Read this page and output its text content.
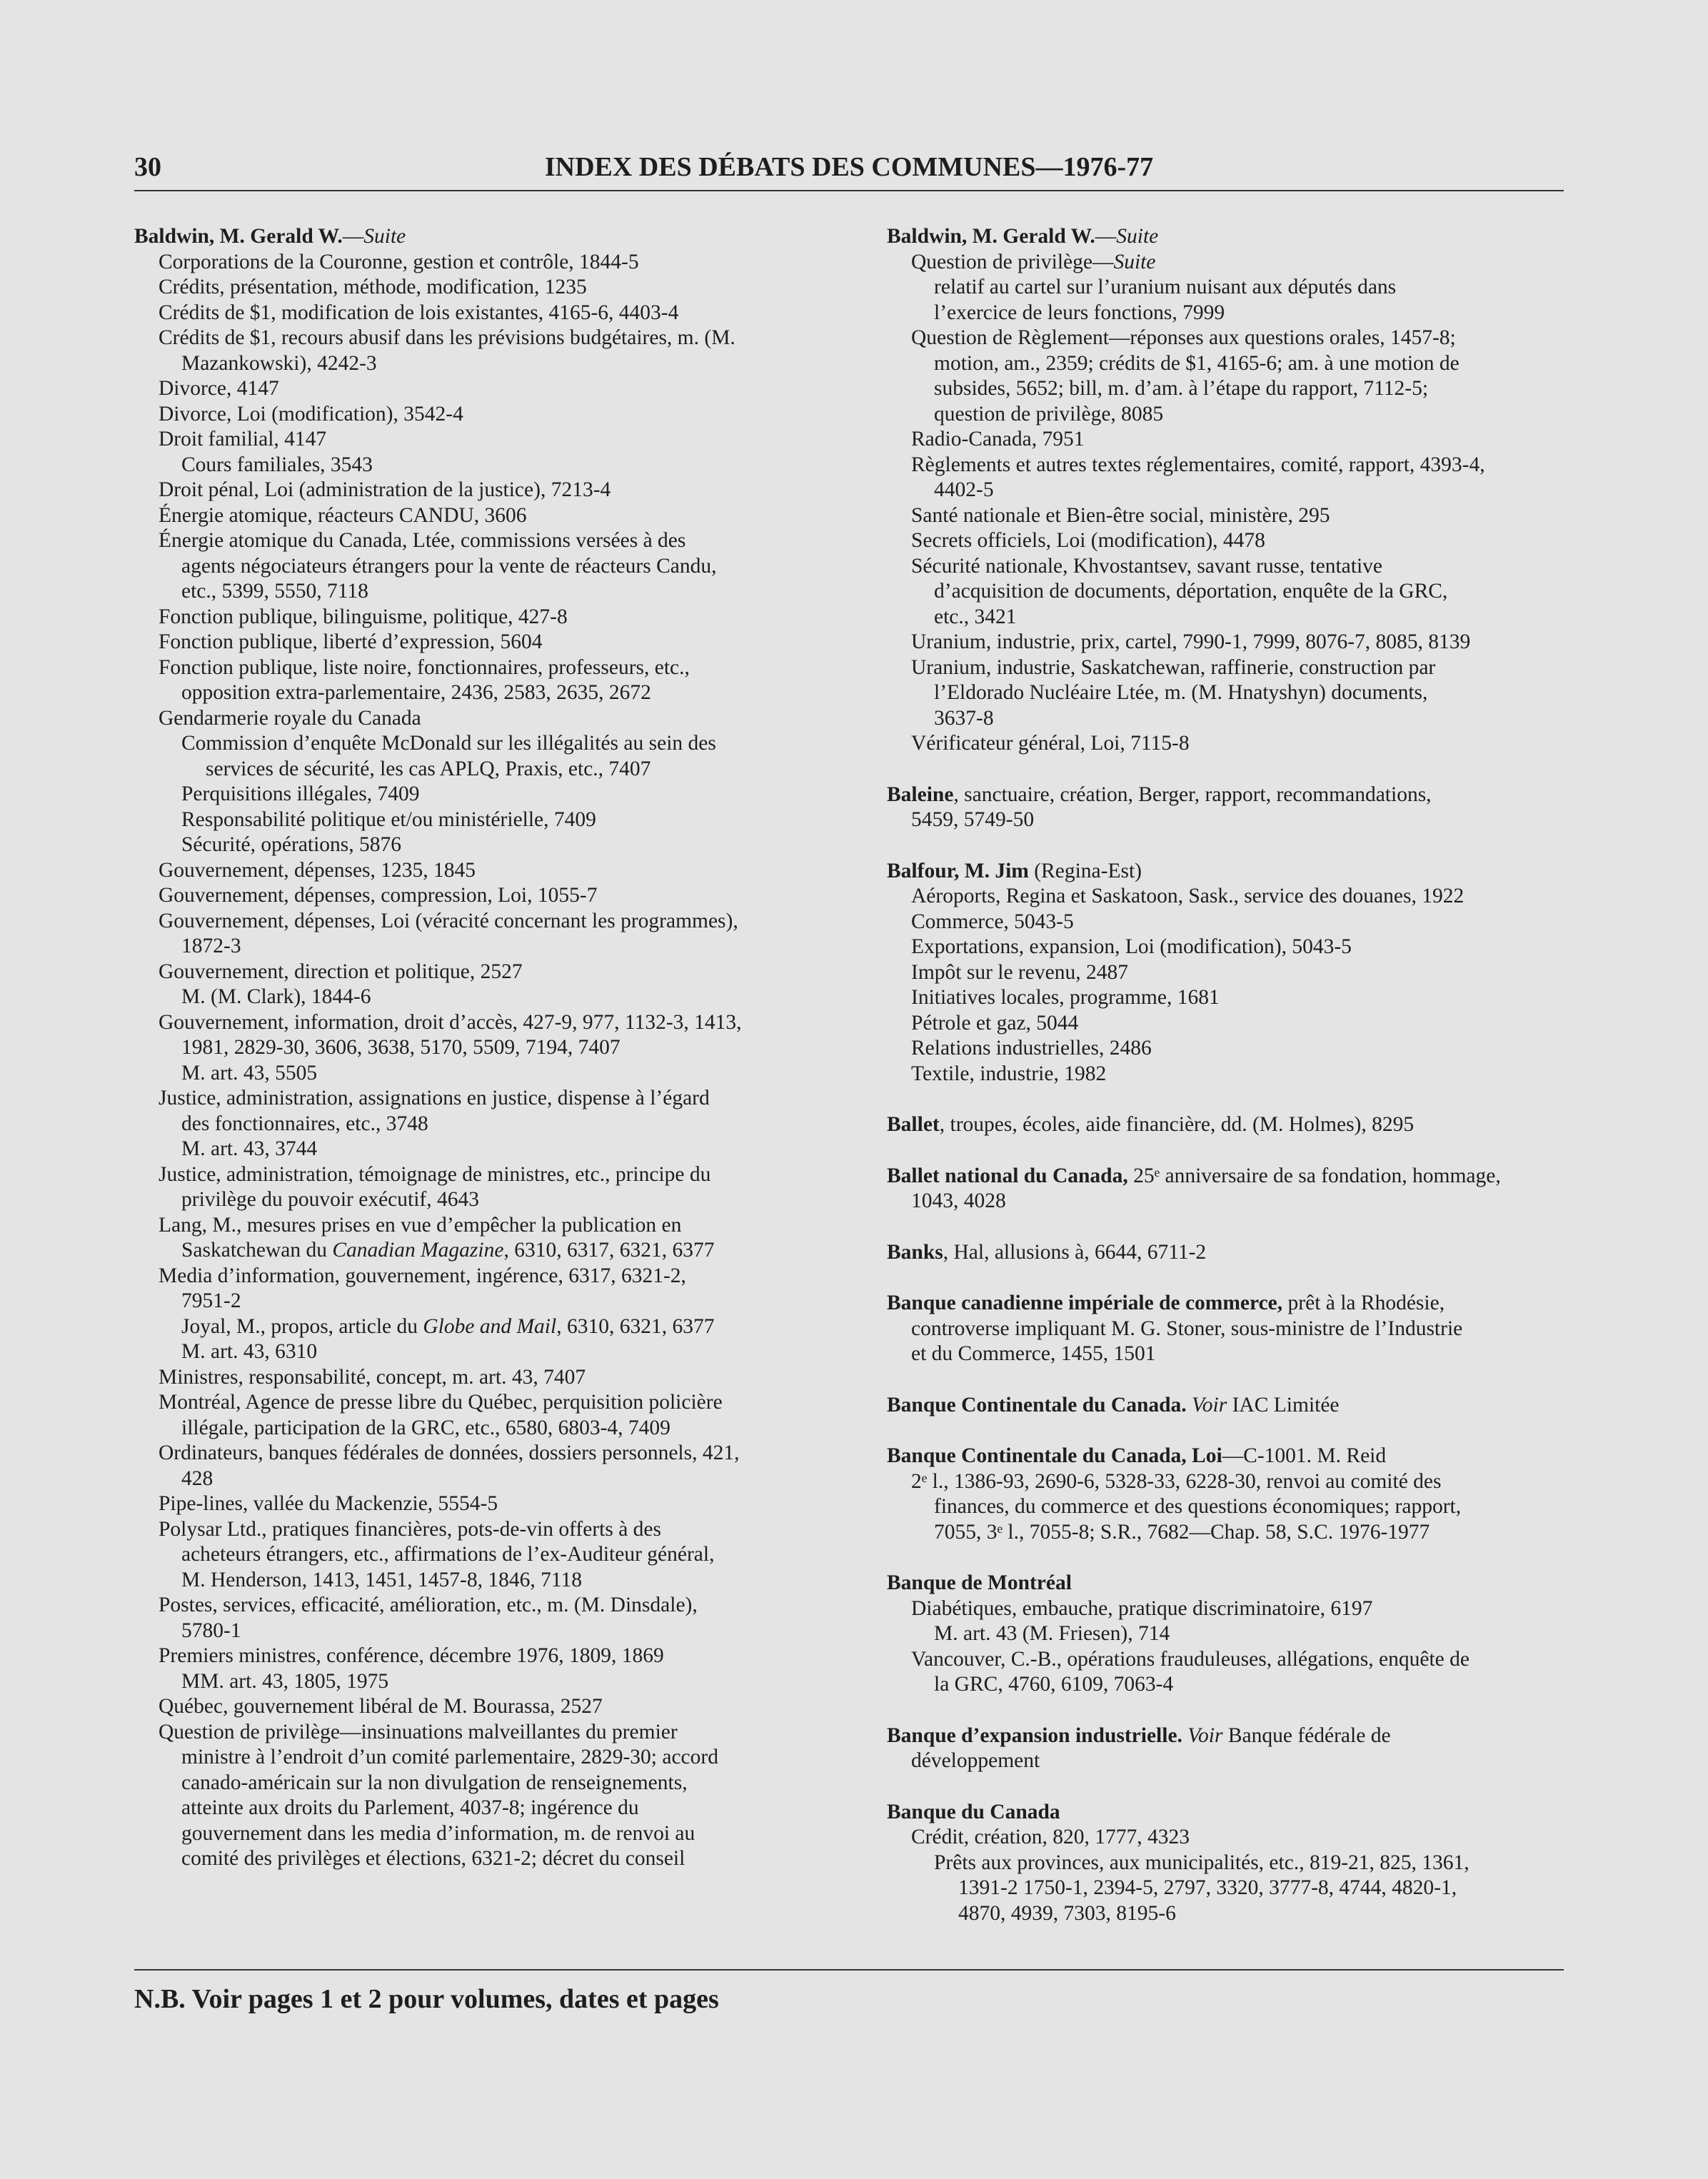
30	INDEX DES DÉBATS DES COMMUNES—1976-77
Baldwin, M. Gerald W.—Suite
Corporations de la Couronne, gestion et contrôle, 1844-5
Crédits, présentation, méthode, modification, 1235
Crédits de $1, modification de lois existantes, 4165-6, 4403-4
Crédits de $1, recours abusif dans les prévisions budgétaires, m. (M.
Mazankowski), 4242-3
Divorce, 4147
Divorce, Loi (modification), 3542-4
Droit familial, 4147
Cours familiales, 3543
Droit pénal, Loi (administration de la justice), 7213-4
Énergie atomique, réacteurs CANDU, 3606
Énergie atomique du Canada, Ltée, commissions versées à des
agents négociateurs étrangers pour la vente de réacteurs Candu,
etc., 5399, 5550, 7118
Fonction publique, bilinguisme, politique, 427-8
Fonction publique, liberté d’expression, 5604
Fonction publique, liste noire, fonctionnaires, professeurs, etc.,
opposition extra-parlementaire, 2436, 2583, 2635, 2672
Gendarmerie royale du Canada
Commission d’enquête McDonald sur les illégalités au sein des
services de sécurité, les cas APLQ, Praxis, etc., 7407
Perquisitions illégales, 7409
Responsabilité politique et/ou ministérielle, 7409
Sécurité, opérations, 5876
Gouvernement, dépenses, 1235, 1845
Gouvernement, dépenses, compression, Loi, 1055-7
Gouvernement, dépenses, Loi (véracité concernant les programmes),
1872-3
Gouvernement, direction et politique, 2527
M. (M. Clark), 1844-6
Gouvernement, information, droit d’accès, 427-9, 977, 1132-3, 1413,
1981, 2829-30, 3606, 3638, 5170, 5509, 7194, 7407
M. art. 43, 5505
Justice, administration, assignations en justice, dispense à l’égard
des fonctionnaires, etc., 3748
M. art. 43, 3744
Justice, administration, témoignage de ministres, etc., principe du
privilège du pouvoir exécutif, 4643
Lang, M., mesures prises en vue d’empêcher la publication en
Saskatchewan du Canadian Magazine, 6310, 6317, 6321, 6377
Media d’information, gouvernement, ingérence, 6317, 6321-2,
7951-2
Joyal, M., propos, article du Globe and Mail, 6310, 6321, 6377
M. art. 43, 6310
Ministres, responsabilité, concept, m. art. 43, 7407
Montréal, Agence de presse libre du Québec, perquisition policière
illégale, participation de la GRC, etc., 6580, 6803-4, 7409
Ordinateurs, banques fédérales de données, dossiers personnels, 421,
428
Pipe-lines, vallée du Mackenzie, 5554-5
Polysar Ltd., pratiques financières, pots-de-vin offerts à des
acheteurs étrangers, etc., affirmations de l’ex-Auditeur général,
M. Henderson, 1413, 1451, 1457-8, 1846, 7118
Postes, services, efficacité, amélioration, etc., m. (M. Dinsdale),
5780-1
Premiers ministres, conférence, décembre 1976, 1809, 1869
MM. art. 43, 1805, 1975
Québec, gouvernement libéral de M. Bourassa, 2527
Question de privilège—insinuations malveillantes du premier
ministre à l’endroit d’un comité parlementaire, 2829-30; accord
canado-américain sur la non divulgation de renseignements,
atteinte aux droits du Parlement, 4037-8; ingérence du
gouvernement dans les media d’information, m. de renvoi au
comité des privilèges et élections, 6321-2; décret du conseil
Baldwin, M. Gerald W.—Suite
Question de privilège—Suite
relatif au cartel sur l’uranium nuisant aux députés dans
l’exercice de leurs fonctions, 7999
Question de Règlement—réponses aux questions orales, 1457-8;
motion, am., 2359; crédits de $1, 4165-6; am. à une motion de
subsides, 5652; bill, m. d’am. à l’étape du rapport, 7112-5;
question de privilège, 8085
Radio-Canada, 7951
Règlements et autres textes réglementaires, comité, rapport, 4393-4,
4402-5
Santé nationale et Bien-être social, ministère, 295
Secrets officiels, Loi (modification), 4478
Sécurité nationale, Khvostantsev, savant russe, tentative
d’acquisition de documents, déportation, enquête de la GRC,
etc., 3421
Uranium, industrie, prix, cartel, 7990-1, 7999, 8076-7, 8085, 8139
Uranium, industrie, Saskatchewan, raffinerie, construction par
l’Eldorado Nucléaire Ltée, m. (M. Hnatyshyn) documents,
3637-8
Vérificateur général, Loi, 7115-8
Baleine, sanctuaire, création, Berger, rapport, recommandations,
5459, 5749-50
Balfour, M. Jim (Regina-Est)
Aéroports, Regina et Saskatoon, Sask., service des douanes, 1922
Commerce, 5043-5
Exportations, expansion, Loi (modification), 5043-5
Impôt sur le revenu, 2487
Initiatives locales, programme, 1681
Pétrole et gaz, 5044
Relations industrielles, 2486
Textile, industrie, 1982
Ballet, troupes, écoles, aide financière, dd. (M. Holmes), 8295
Ballet national du Canada, 25ᵉ anniversaire de sa fondation, hommage,
1043, 4028
Banks, Hal, allusions à, 6644, 6711-2
Banque canadienne impériale de commerce, prêt à la Rhodésie,
controverse impliquant M. G. Stoner, sous-ministre de l’Industrie
et du Commerce, 1455, 1501
Banque Continentale du Canada. Voir IAC Limitée
Banque Continentale du Canada, Loi—C-1001. M. Reid
2ᵉ l., 1386-93, 2690-6, 5328-33, 6228-30, renvoi au comité des
finances, du commerce et des questions économiques; rapport,
7055, 3ᵉ l., 7055-8; S.R., 7682—Chap. 58, S.C. 1976-1977
Banque de Montréal
Diabétiques, embauche, pratique discriminatoire, 6197
M. art. 43 (M. Friesen), 714
Vancouver, C.-B., opérations frauduleuses, allégations, enquête de
la GRC, 4760, 6109, 7063-4
Banque d’expansion industrielle. Voir Banque fédérale de
développement
Banque du Canada
Crédit, création, 820, 1777, 4323
Prêts aux provinces, aux municipalités, etc., 819-21, 825, 1361,
1391-2 1750-1, 2394-5, 2797, 3320, 3777-8, 4744, 4820-1,
4870, 4939, 7303, 8195-6
N.B. Voir pages 1 et 2 pour volumes, dates et pages
